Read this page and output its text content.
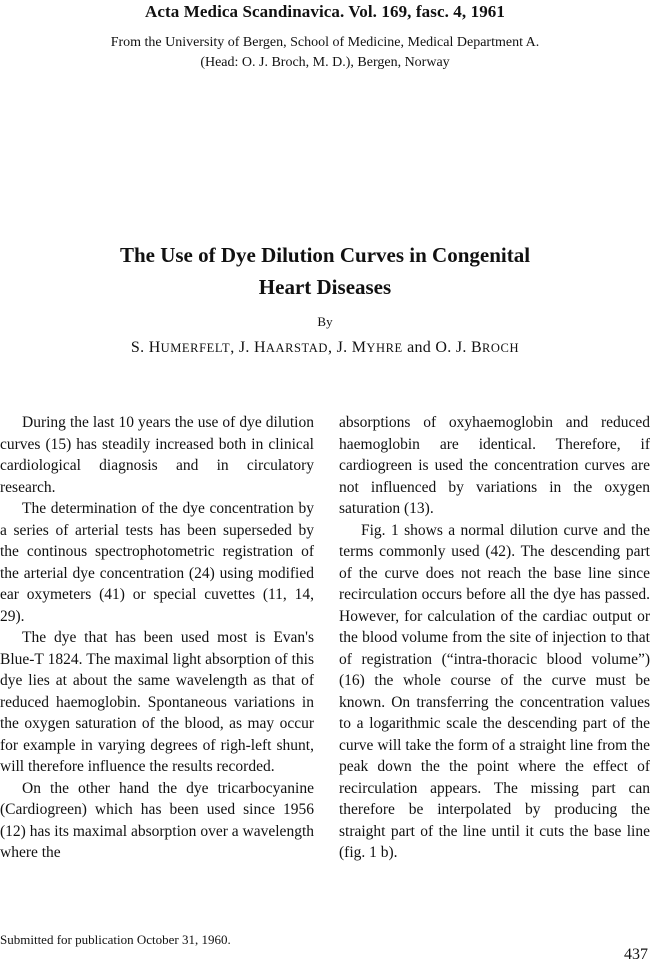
Acta Medica Scandinavica. Vol. 169, fasc. 4, 1961
From the University of Bergen, School of Medicine, Medical Department A.
(Head: O. J. Broch, M. D.), Bergen, Norway
The Use of Dye Dilution Curves in Congenital
Heart Diseases
By
S. HUMERFELT, J. HAARSTAD, J. MYHRE and O. J. BROCH

During the last 10 years the use of dye dilution curves (15) has steadily increased both in clinical cardiological diagnosis and in circulatory research.

The determination of the dye concentration by a series of arterial tests has been superseded by the continous spectrophotometric registration of the arterial dye concentration (24) using modified ear oxymeters (41) or special cuvettes (11, 14, 29).

The dye that has been used most is Evan's Blue-T 1824. The maximal light absorption of this dye lies at about the same wavelength as that of reduced haemoglobin. Spontaneous variations in the oxygen saturation of the blood, as may occur for example in varying degrees of righ-left shunt, will therefore influence the results recorded.

On the other hand the dye tricarbocyanine (Cardiogreen) which has been used since 1956 (12) has its maximal absorption over a wavelength where the

absorptions of oxyhaemoglobin and reduced haemoglobin are identical. Therefore, if cardiogreen is used the concentration curves are not influenced by variations in the oxygen saturation (13).

Fig. 1 shows a normal dilution curve and the terms commonly used (42). The descending part of the curve does not reach the base line since recirculation occurs before all the dye has passed. However, for calculation of the cardiac output or the blood volume from the site of injection to that of registration (“intra-thoracic blood volume”) (16) the whole course of the curve must be known. On transferring the concentration values to a logarithmic scale the descending part of the curve will take the form of a straight line from the peak down the the point where the effect of recirculation appears. The missing part can therefore be interpolated by producing the straight part of the line until it cuts the base line (fig. 1 b).

Submitted for publication October 31, 1960.
437
